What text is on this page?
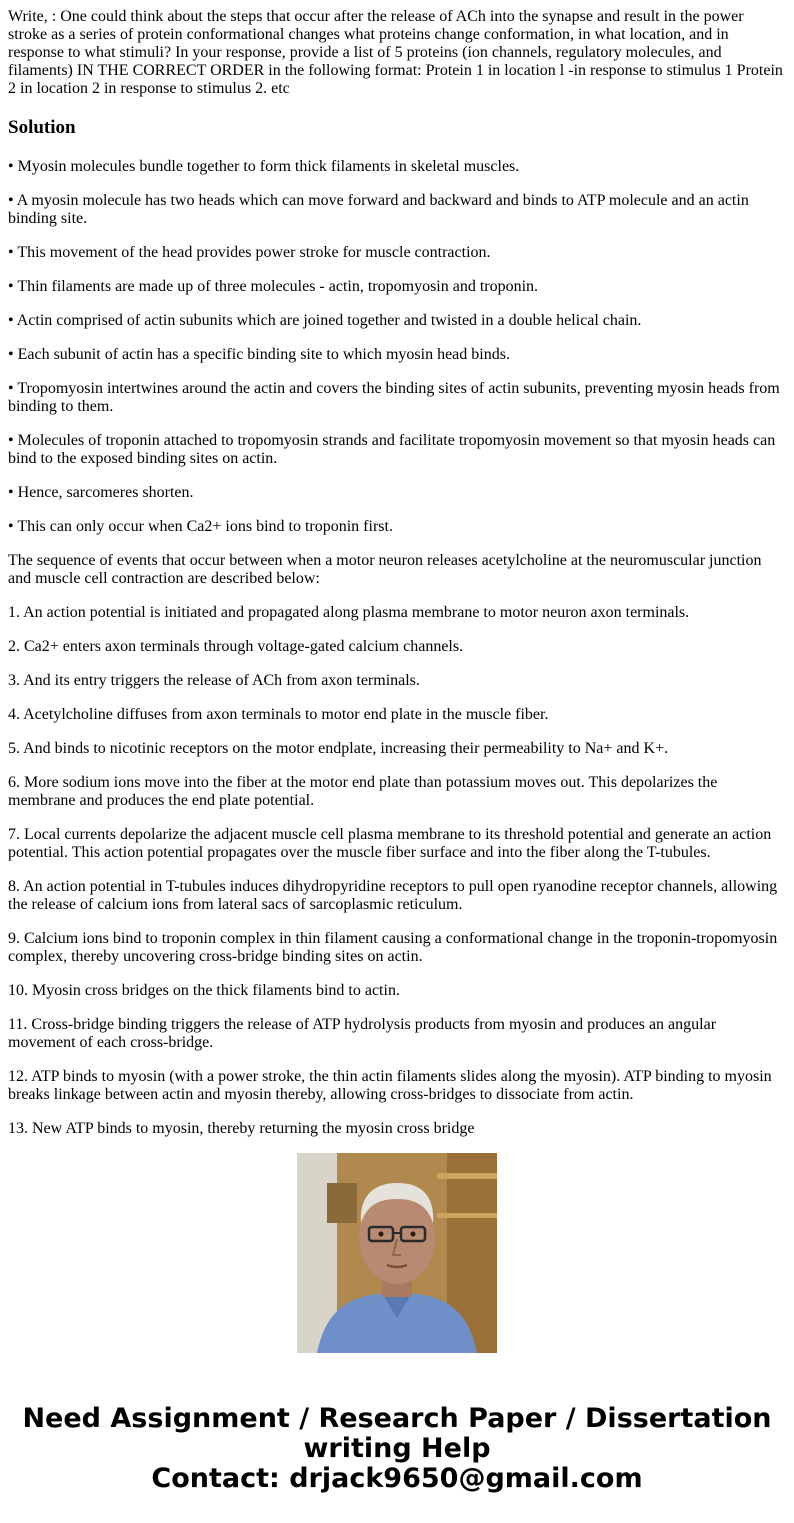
Write, : One could think about the steps that occur after the release of ACh into the synapse and result in the power stroke as a series of protein conformational changes what proteins change conformation, in what location, and in response to what stimuli? In your response, provide a list of 5 proteins (ion channels, regulatory molecules, and filaments) IN THE CORRECT ORDER in the following format: Protein 1 in location l -in response to stimulus 1 Protein 2 in location 2 in response to stimulus 2. etc
Solution
• Myosin molecules bundle together to form thick filaments in skeletal muscles.
• A myosin molecule has two heads which can move forward and backward and binds to ATP molecule and an actin binding site.
• This movement of the head provides power stroke for muscle contraction.
• Thin filaments are made up of three molecules - actin, tropomyosin and troponin.
• Actin comprised of actin subunits which are joined together and twisted in a double helical chain.
• Each subunit of actin has a specific binding site to which myosin head binds.
• Tropomyosin intertwines around the actin and covers the binding sites of actin subunits, preventing myosin heads from binding to them.
• Molecules of troponin attached to tropomyosin strands and facilitate tropomyosin movement so that myosin heads can bind to the exposed binding sites on actin.
• Hence, sarcomeres shorten.
• This can only occur when Ca2+ ions bind to troponin first.
The sequence of events that occur between when a motor neuron releases acetylcholine at the neuromuscular junction and muscle cell contraction are described below:
1. An action potential is initiated and propagated along plasma membrane to motor neuron axon terminals.
2. Ca2+ enters axon terminals through voltage-gated calcium channels.
3. And its entry triggers the release of ACh from axon terminals.
4. Acetylcholine diffuses from axon terminals to motor end plate in the muscle fiber.
5. And binds to nicotinic receptors on the motor endplate, increasing their permeability to Na+ and K+.
6. More sodium ions move into the fiber at the motor end plate than potassium moves out. This depolarizes the membrane and produces the end plate potential.
7. Local currents depolarize the adjacent muscle cell plasma membrane to its threshold potential and generate an action potential. This action potential propagates over the muscle fiber surface and into the fiber along the T-tubules.
8. An action potential in T-tubules induces dihydropyridine receptors to pull open ryanodine receptor channels, allowing the release of calcium ions from lateral sacs of sarcoplasmic reticulum.
9. Calcium ions bind to troponin complex in thin filament causing a conformational change in the troponin-tropomyosin complex, thereby uncovering cross-bridge binding sites on actin.
10. Myosin cross bridges on the thick filaments bind to actin.
11. Cross-bridge binding triggers the release of ATP hydrolysis products from myosin and produces an angular movement of each cross-bridge.
12. ATP binds to myosin (with a power stroke, the thin actin filaments slides along the myosin). ATP binding to myosin breaks linkage between actin and myosin thereby, allowing cross-bridges to dissociate from actin.
13. New ATP binds to myosin, thereby returning the myosin cross bridge
Need Assignment / Research Paper / Dissertation
writing Help
Contact: drjack9650@gmail.com
